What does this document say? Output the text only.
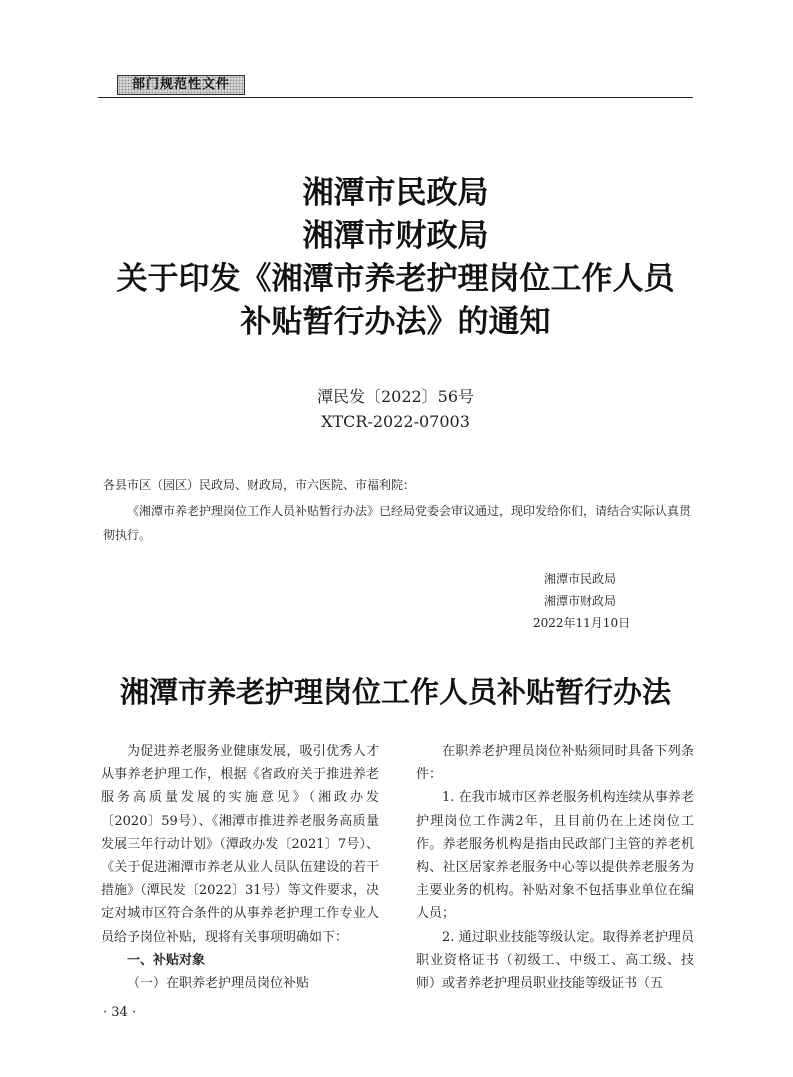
部门规范性文件
湘潭市民政局
湘潭市财政局
关于印发《湘潭市养老护理岗位工作人员
补贴暂行办法》的通知
潭民发〔2022〕56号
XTCR-2022-07003
各县市区（园区）民政局、财政局，市六医院、市福利院：
《湘潭市养老护理岗位工作人员补贴暂行办法》已经局党委会审议通过，现印发给你们，请结合实际认真贯彻执行。
湘潭市民政局
湘潭市财政局
2022年11月10日
湘潭市养老护理岗位工作人员补贴暂行办法

为促进养老服务业健康发展，吸引优秀人才从事养老护理工作，根据《省政府关于推进养老服务高质量发展的实施意见》（湘政办发〔2020〕59号）、《湘潭市推进养老服务高质量发展三年行动计划》（潭政办发〔2021〕7号）、《关于促进湘潭市养老从业人员队伍建设的若干措施》（潭民发〔2022〕31号）等文件要求，决定对城市区符合条件的从事养老护理工作专业人员给予岗位补贴，现将有关事项明确如下：

一、补贴对象

（一）在职养老护理员岗位补贴

在职养老护理员岗位补贴须同时具备下列条件：

1. 在我市城市区养老服务机构连续从事养老护理岗位工作满2年，且目前仍在上述岗位工作。养老服务机构是指由民政部门主管的养老机构、社区居家养老服务中心等以提供养老服务为主要业务的机构。补贴对象不包括事业单位在编人员；

2. 通过职业技能等级认定。取得养老护理员职业资格证书（初级工、中级工、高工级、技师）或者养老护理员职业技能等级证书（五

· 34 ·
